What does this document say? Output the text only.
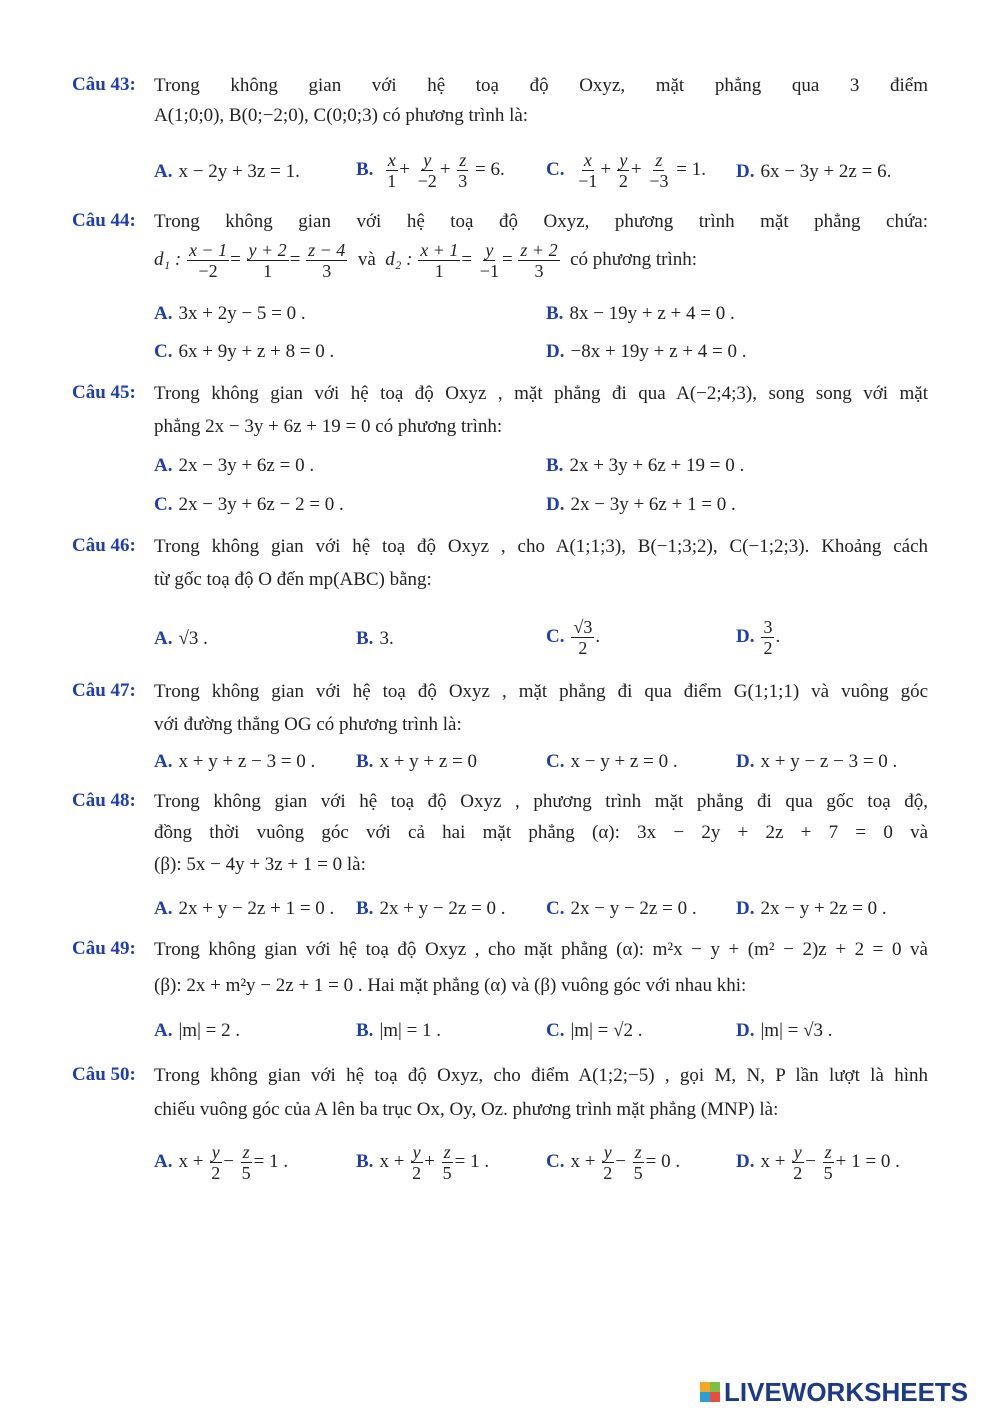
Câu 43: Trong không gian với hệ toạ độ Oxyz, mặt phẳng qua 3 điểm
A(1;0;0), B(0;−2;0), C(0;0;3) có phương trình là:
A. x − 2y + 3z = 1.	B. $\frac{x}{1} + \frac{y}{-2} + \frac{z}{3} = 6$. C. $\frac{x}{-1} + \frac{y}{2} + \frac{z}{-3} = 1$. D. 6x − 3y + 2z = 6.
Câu 44: Trong không gian với hệ toạ độ Oxyz, phương trình mặt phẳng chứa:
d₁ : $\frac{x - 1}{-2} = \frac{y + 2}{1} = \frac{z - 4}{3}$ và d₂ : $\frac{x + 1}{1} = \frac{y}{-1} = \frac{z + 2}{3}$ có phương trình:
A. 3x + 2y − 5 = 0 .	B. 8x − 19y + z + 4 = 0 .
C. 6x + 9y + z + 8 = 0 .	D. −8x + 19y + z + 4 = 0 .
Câu 45: Trong không gian với hệ toạ độ Oxyz , mặt phẳng đi qua A(−2;4;3), song song với mặt
phẳng 2x − 3y + 6z + 19 = 0 có phương trình:
A. 2x − 3y + 6z = 0 .	B. 2x + 3y + 6z + 19 = 0 .
C. 2x − 3y + 6z − 2 = 0 .	D. 2x − 3y + 6z + 1 = 0 .
Câu 46: Trong không gian với hệ toạ độ Oxyz , cho A(1;1;3), B(−1;3;2), C(−1;2;3). Khoảng cách
từ gốc toạ độ O đến mp(ABC) bằng:
A. √3 .	B. 3.	C. $\frac{√3}{2}$ .	D. $\frac{3}{2}$ .
Câu 47: Trong không gian với hệ toạ độ Oxyz , mặt phẳng đi qua điểm G(1;1;1) và vuông góc
với đường thẳng OG có phương trình là:
A. x + y + z − 3 = 0 . B. x + y + z = 0	C. x − y + z = 0 .	D. x + y − z − 3 = 0 .
Câu 48: Trong không gian với hệ toạ độ Oxyz , phương trình mặt phẳng đi qua gốc toạ độ,
đồng thời vuông góc với cả hai mặt phẳng (α): 3x − 2y + 2z + 7 = 0 và
(β): 5x − 4y + 3z + 1 = 0 là:
A. 2x + y − 2z + 1 = 0 . B. 2x + y − 2z = 0 . C. 2x − y − 2z = 0 . D. 2x − y + 2z = 0 .
Câu 49: Trong không gian với hệ toạ độ Oxyz , cho mặt phẳng (α): m²x − y + (m² − 2)z + 2 = 0 và
(β): 2x + m²y − 2z + 1 = 0 . Hai mặt phẳng (α) và (β) vuông góc với nhau khi:
A. |m| = 2 .	B. |m| = 1 .	C. |m| = √2 .	D. |m| = √3 .
Câu 50: Trong không gian với hệ toạ độ Oxyz, cho điểm A(1;2;−5) , gọi M, N, P lần lượt là hình
chiếu vuông góc của A lên ba trục Ox, Oy, Oz. phương trình mặt phẳng (MNP) là:
A. $x + \frac{y}{2} - \frac{z}{5} = 1$ .	B. $x + \frac{y}{2} + \frac{z}{5} = 1$ .	C. $x + \frac{y}{2} - \frac{z}{5} = 0$ .	D. $x + \frac{y}{2} - \frac{z}{5} + 1 = 0$ .
LIVEWORKSHEETS
